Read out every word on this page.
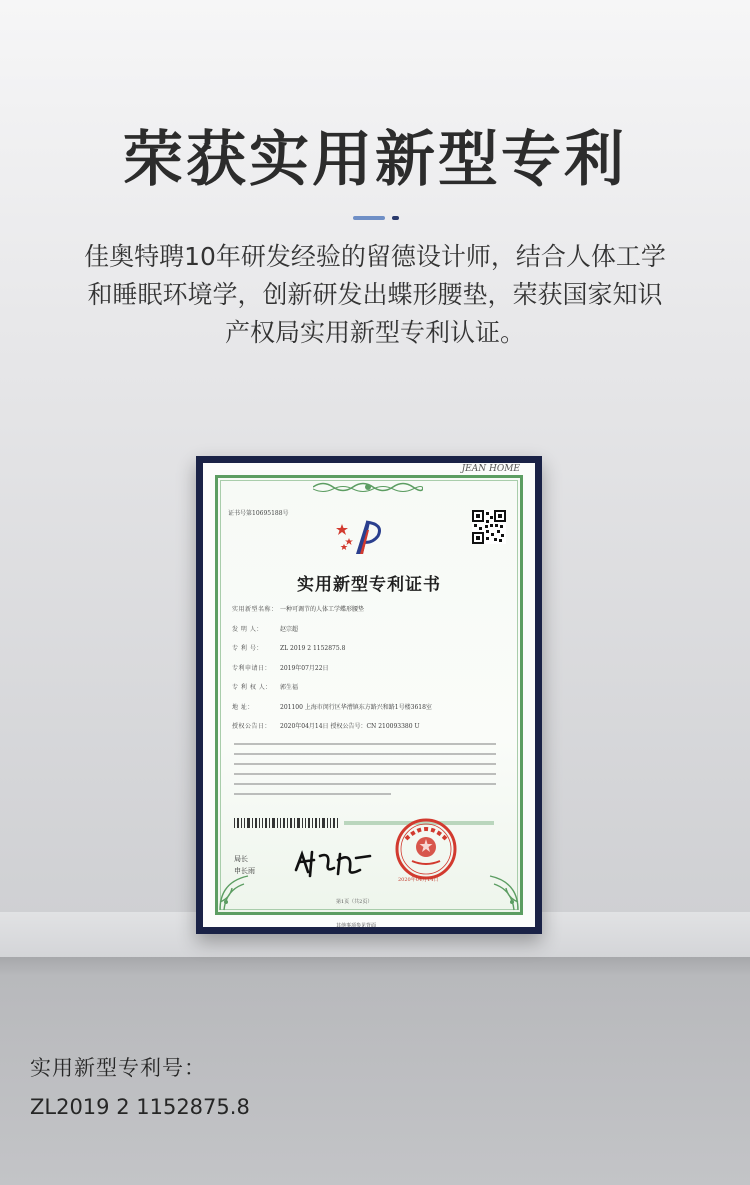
荣获实用新型专利
佳奥特聘10年研发经验的留德设计师，结合人体工学
和睡眠环境学，创新研发出蝶形腰垫，荣获国家知识
产权局实用新型专利认证。
JEAN HOME
证书号第10695188号
实用新型专利证书
实用新型名称： 一种可调节的人体工学蝶形腰垫
发 明 人：	赵宗超
专 利 号：	ZL 2019 2 1152875.8
专利申请日： 2019年07月22日
专 利 权 人： 郭生福
地 址：	201100 上海市闵行区华漕镇东方路兴和路1号楼3618室
授权公告日： 2020年04月14日 授权公告号：CN 210093380 U
局长
申长雨
2020年04月14日
第1页（共2页）
其他事项参见背面
实用新型专利号：
ZL2019 2 1152875.8
